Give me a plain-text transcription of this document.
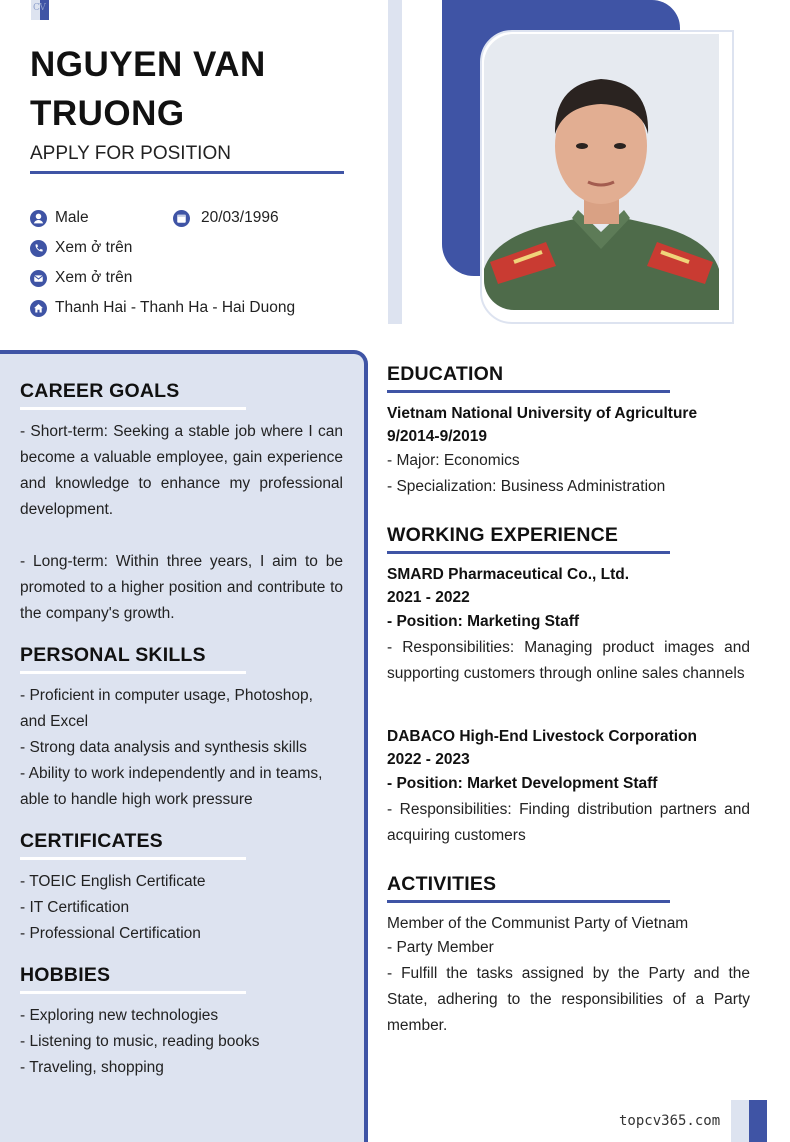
CV
NGUYEN VAN TRUONG
APPLY FOR POSITION
Male	20/03/1996
Xem ở trên
Xem ở trên
Thanh Hai - Thanh Ha - Hai Duong
CAREER GOALS
- Short-term: Seeking a stable job where I can become a valuable employee, gain experience and knowledge to enhance my professional development.
- Long-term: Within three years, I aim to be promoted to a higher position and contribute to the company's growth.
PERSONAL SKILLS
- Proficient in computer usage, Photoshop, and Excel
- Strong data analysis and synthesis skills
- Ability to work independently and in teams, able to handle high work pressure
CERTIFICATES
- TOEIC English Certificate
- IT Certification
- Professional Certification
HOBBIES
- Exploring new technologies
- Listening to music, reading books
- Traveling, shopping
EDUCATION
Vietnam National University of Agriculture
9/2014-9/2019
- Major: Economics
- Specialization: Business Administration
WORKING EXPERIENCE
SMARD Pharmaceutical Co., Ltd.
2021 - 2022
- Position: Marketing Staff
- Responsibilities: Managing product images and supporting customers through online sales channels
DABACO High-End Livestock Corporation
2022 - 2023
- Position: Market Development Staff
- Responsibilities: Finding distribution partners and acquiring customers
ACTIVITIES
Member of the Communist Party of Vietnam
- Party Member
- Fulfill the tasks assigned by the Party and the State, adhering to the responsibilities of a Party member.
topcv365.com
